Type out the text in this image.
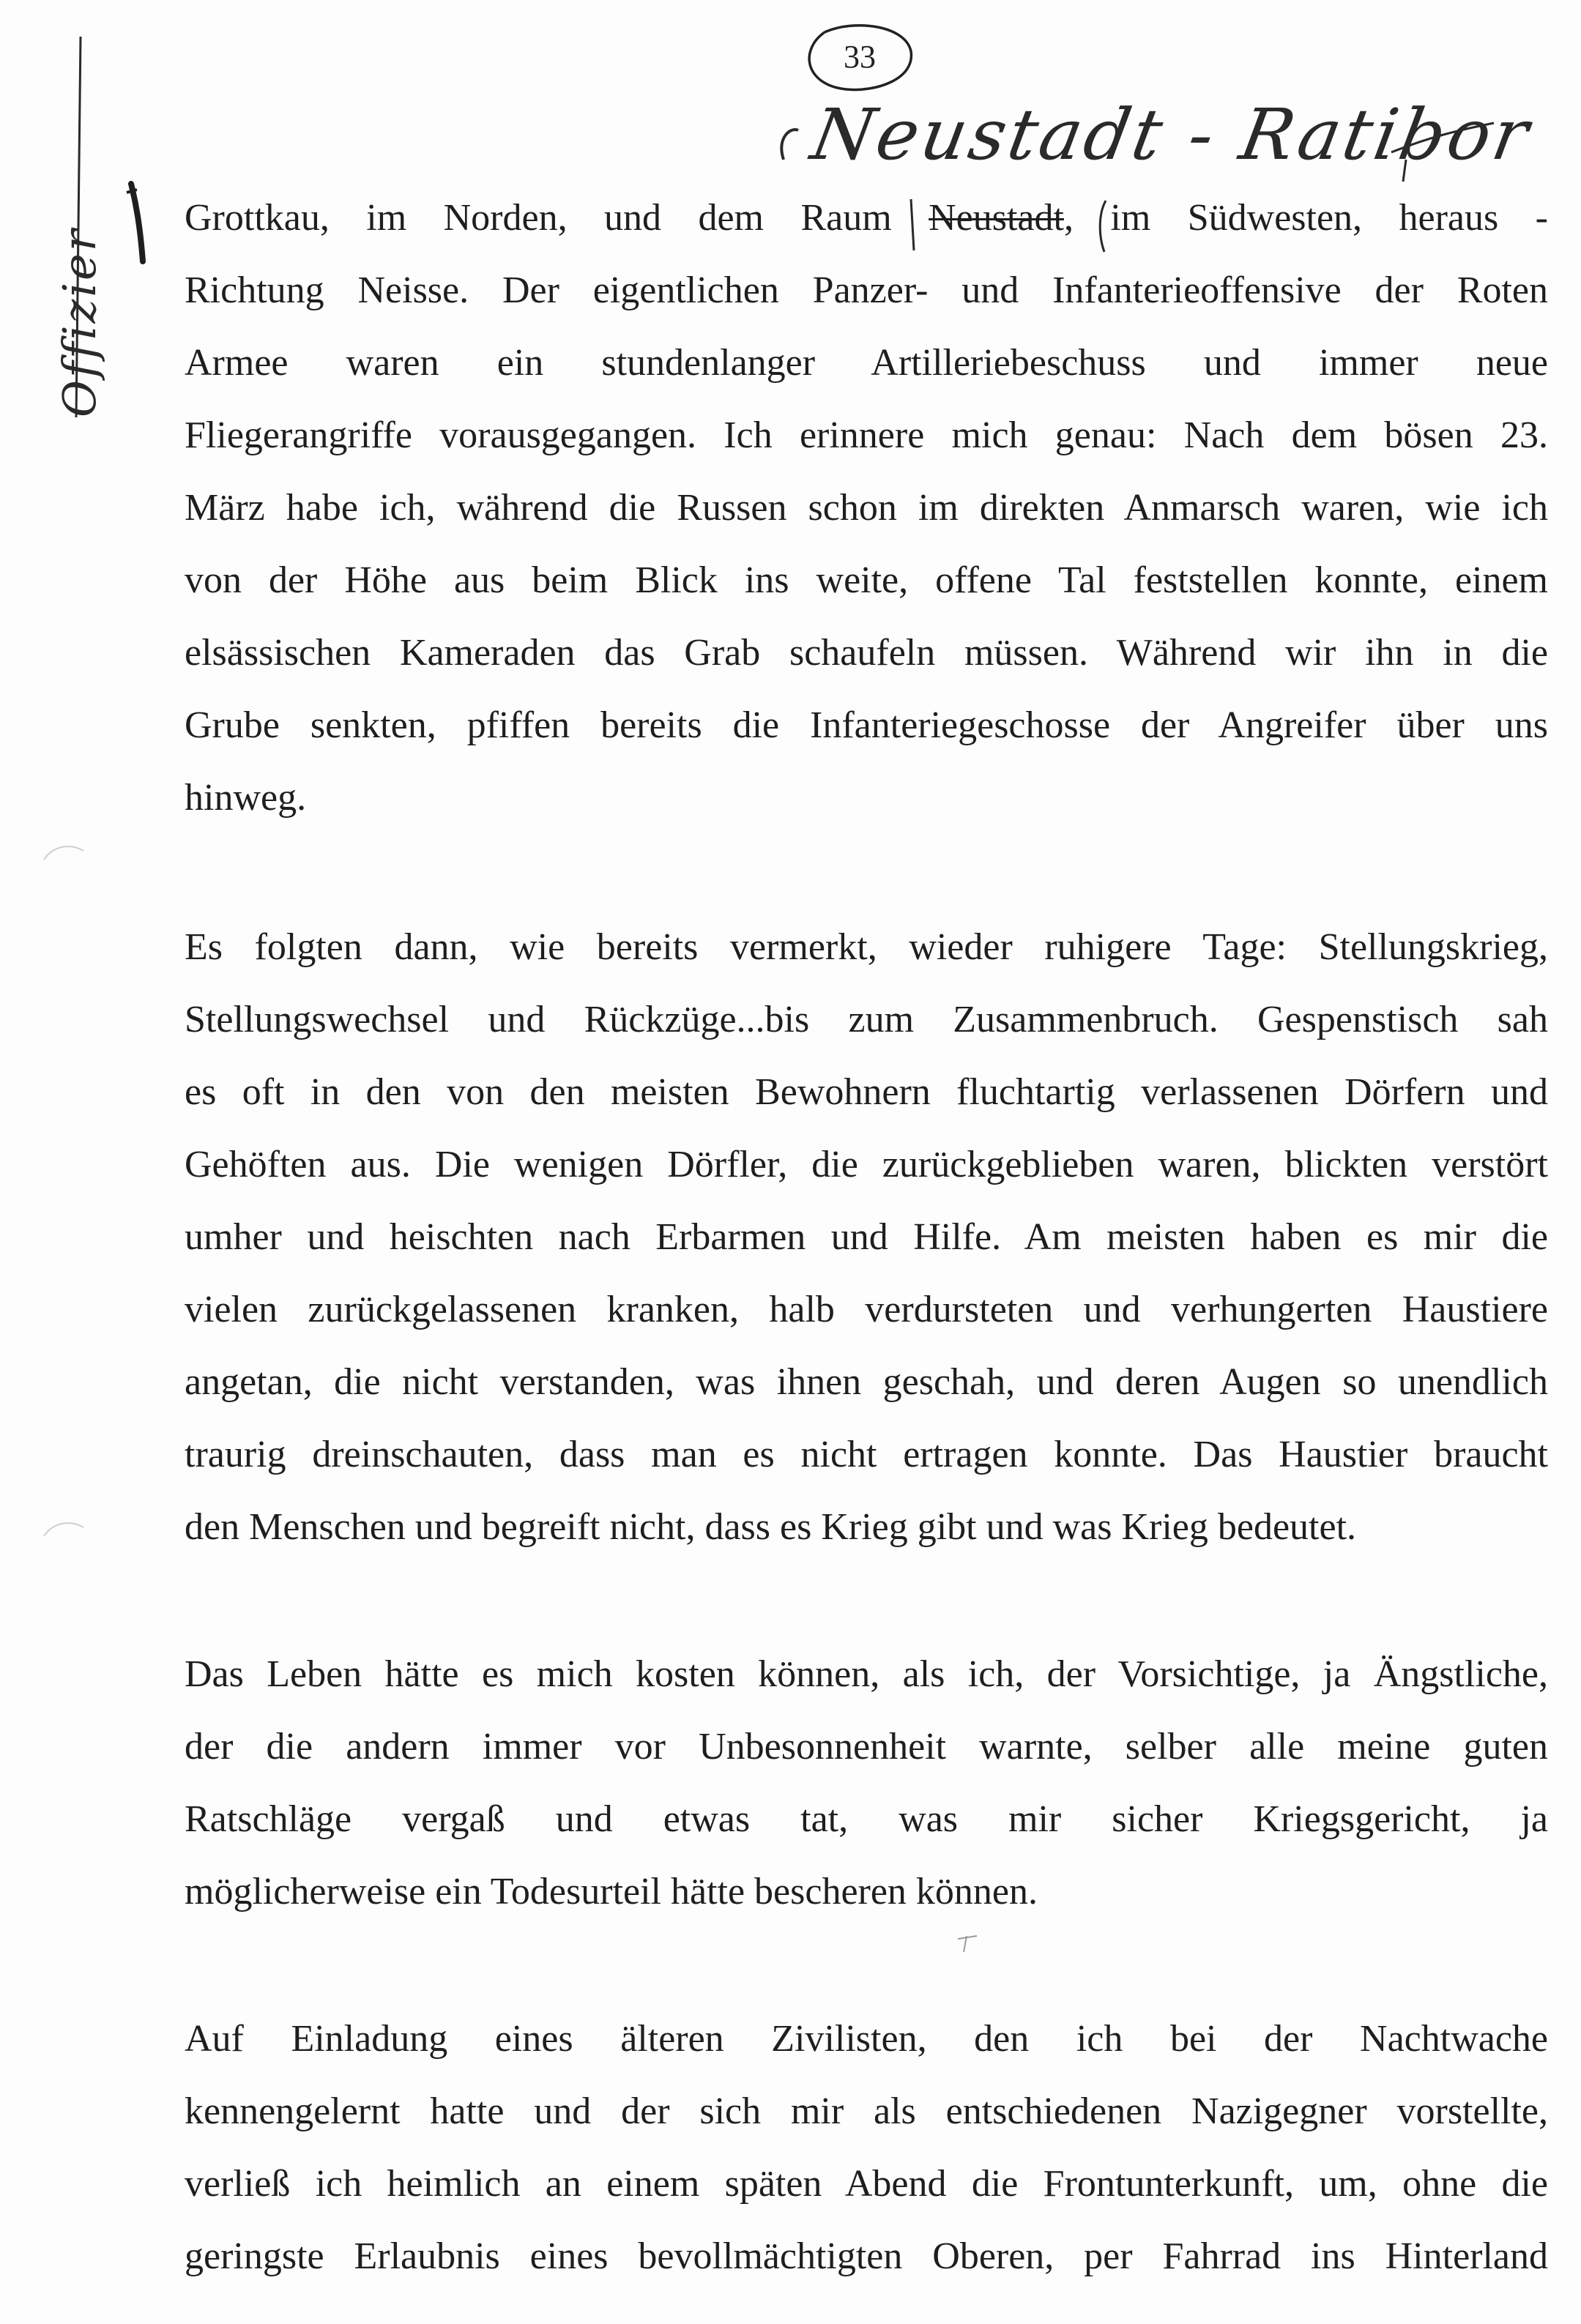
33
Neustadt - Ratibor
Offizier
Grottkau, im Norden, und dem Raum Neustadt, im Südwesten, heraus -
Richtung Neisse. Der eigentlichen Panzer- und Infanterieoffensive der Roten
Armee waren ein stundenlanger Artilleriebeschuss und immer neue
Fliegerangriffe vorausgegangen. Ich erinnere mich genau: Nach dem bösen 23.
März habe ich, während die Russen schon im direkten Anmarsch waren, wie ich
von der Höhe aus beim Blick ins weite, offene Tal feststellen konnte, einem
elsässischen Kameraden das Grab schaufeln müssen. Während wir ihn in die
Grube senkten, pfiffen bereits die Infanteriegeschosse der Angreifer über uns
hinweg.
Es folgten dann, wie bereits vermerkt, wieder ruhigere Tage: Stellungskrieg,
Stellungswechsel und Rückzüge...bis zum Zusammenbruch. Gespenstisch sah
es oft in den von den meisten Bewohnern fluchtartig verlassenen Dörfern und
Gehöften aus. Die wenigen Dörfler, die zurückgeblieben waren, blickten verstört
umher und heischten nach Erbarmen und Hilfe. Am meisten haben es mir die
vielen zurückgelassenen kranken, halb verdursteten und verhungerten Haustiere
angetan, die nicht verstanden, was ihnen geschah, und deren Augen so unendlich
traurig dreinschauten, dass man es nicht ertragen konnte. Das Haustier braucht
den Menschen und begreift nicht, dass es Krieg gibt und was Krieg bedeutet.
Das Leben hätte es mich kosten können, als ich, der Vorsichtige, ja Ängstliche,
der die andern immer vor Unbesonnenheit warnte, selber alle meine guten
Ratschläge vergaß und etwas tat, was mir sicher Kriegsgericht, ja
möglicherweise ein Todesurteil hätte bescheren können.
Auf Einladung eines älteren Zivilisten, den ich bei der Nachtwache
kennengelernt hatte und der sich mir als entschiedenen Nazigegner vorstellte,
verließ ich heimlich an einem späten Abend die Frontunterkunft, um, ohne die
geringste Erlaubnis eines bevollmächtigten Oberen, per Fahrrad ins Hinterland
